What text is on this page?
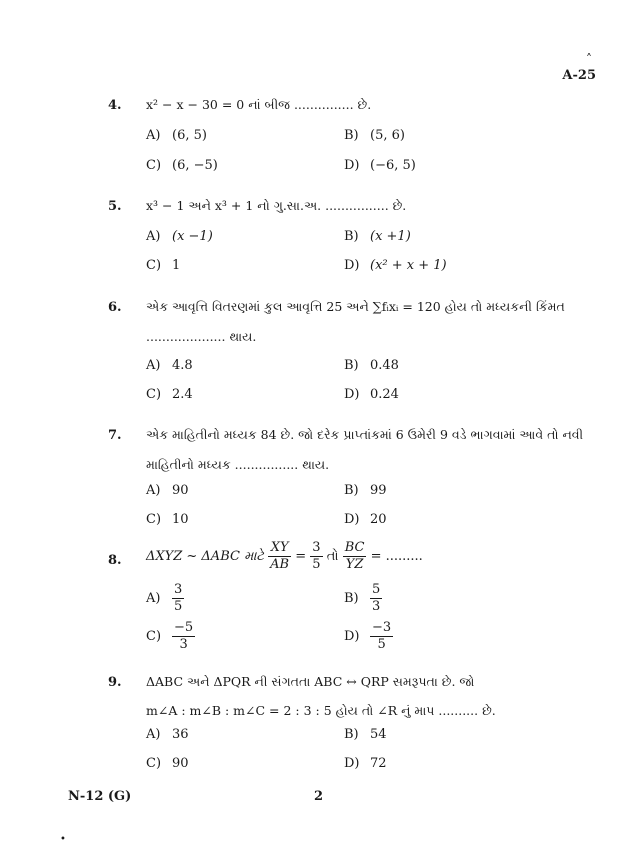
˄
A-25
4. x² − x − 30 = 0 નાં બીજ ............... છે.
A) (6, 5)	B) (5, 6)
C) (6, −5)	D) (−6, 5)
5. x³ − 1 અને x³ + 1 નો ગુ.સા.અ. ................ છે.
A) (x −1)	B) (x +1)
C) 1	D) (x² + x + 1)
6. એક આવૃત્તિ વિતરણમાં કુલ આવૃત્તિ 25 અને ∑fᵢxᵢ = 120 હોય તો મધ્યકની કિંમત
.................... થાય.
A) 4.8	B) 0.48
C) 2.4	D) 0.24
7. એક માહિતીનો મધ્યક 84 છે. જો દરેક પ્રાપ્તાંકમાં 6 ઉમેરી 9 વડે ભાગવામાં આવે તો નવી
માહિતીનો મધ્યક ................ થાય.
A) 90	B) 99
C) 10	D) 20
8. ΔXYZ ~ ΔABC માટે $\frac{XY}{AB} = \frac{3}{5}$ તો $\frac{BC}{YZ}$ = .........
$A) \frac{3}{5}$	$B) \frac{5}{3}$
$C) \frac{-5}{3}$	$D) \frac{-3}{5}$
9. ΔABC અને ΔPQR ની સંગતતા ABC ↔ QRP સમરૂપતા છે. જો
m∠A : m∠B : m∠C = 2 : 3 : 5 હોય તો ∠R નું માપ .......... છે.
A) 36	B) 54
C) 90	D) 72
N-12 (G)	2
•
